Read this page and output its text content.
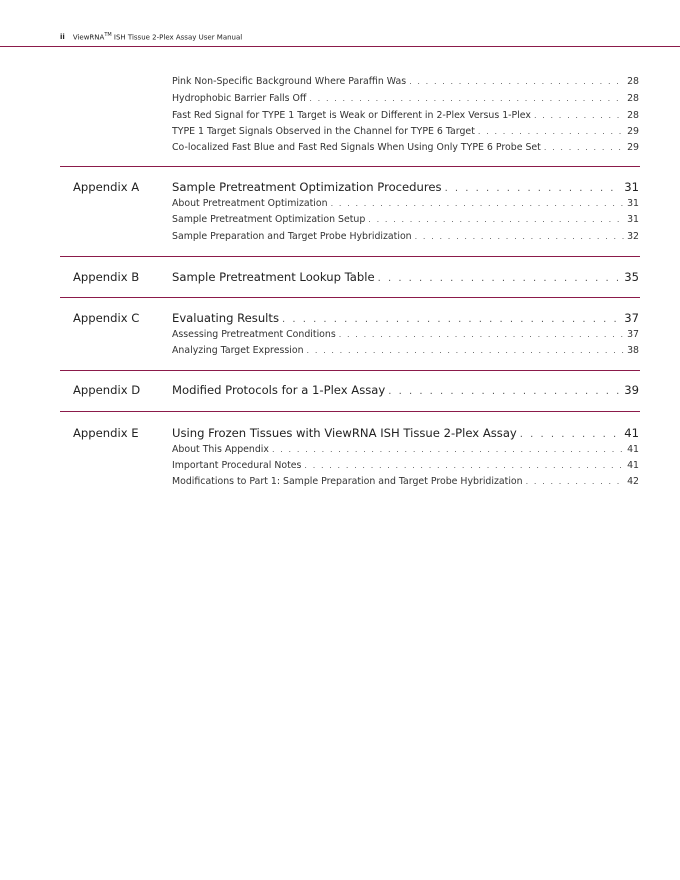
ii ViewRNA™ ISH Tissue 2-Plex Assay User Manual
Pink Non-Specific Background Where Paraffin Was . . .	28
Hydrophobic Barrier Falls Off . . .	28
Fast Red Signal for TYPE 1 Target is Weak or Different in 2-Plex Versus 1-Plex . . .	28
TYPE 1 Target Signals Observed in the Channel for TYPE 6 Target . . .	29
Co-localized Fast Blue and Fast Red Signals When Using Only TYPE 6 Probe Set . . .	29
Appendix A	Sample Pretreatment Optimization Procedures . . .	31
About Pretreatment Optimization . . .	31
Sample Pretreatment Optimization Setup . . .	31
Sample Preparation and Target Probe Hybridization . . .	32
Appendix B	Sample Pretreatment Lookup Table . . .	35
Appendix C	Evaluating Results . . .	37
Assessing Pretreatment Conditions . . .	37
Analyzing Target Expression . . .	38
Appendix D	Modified Protocols for a 1-Plex Assay . . .	39
Appendix E	Using Frozen Tissues with ViewRNA ISH Tissue 2-Plex Assay . . .	41
About This Appendix . . .	41
Important Procedural Notes . . .	41
Modifications to Part 1: Sample Preparation and Target Probe Hybridization . . .	42
